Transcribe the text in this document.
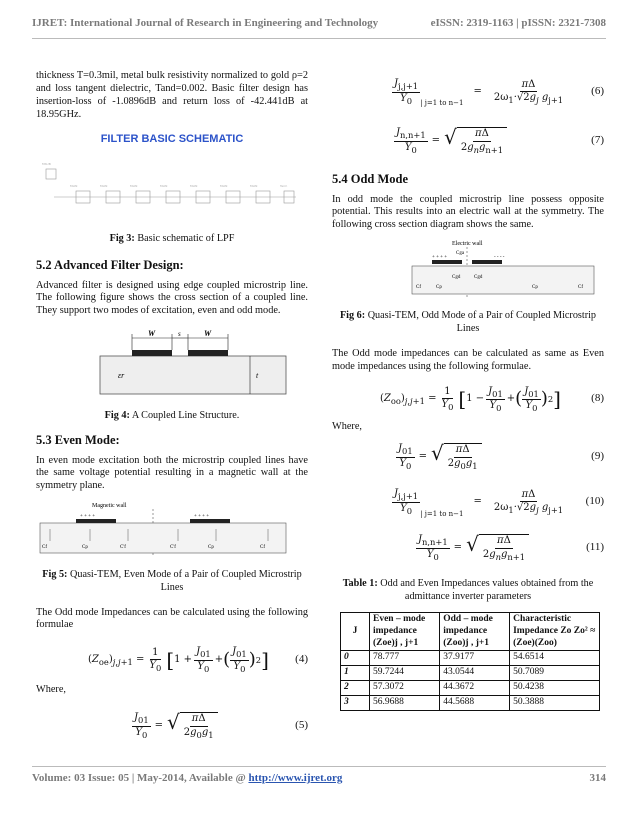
IJRET: International Journal of Research in Engineering and Technology	eISSN: 2319-1163 | pISSN: 2321-7308

thickness T=0.3mil, metal bulk resistivity normalized to gold ρ=2 and loss tangent dielectric, Tand=0.002. Basic filter design has insertion-loss of -1.0896dB and return loss of -42.441dB at 18.95GHz.

FILTER BASIC SCHEMATIC
MSUB
MLIN	MLIN	MLIN	MLIN	MLIN	MLIN	MLIN	Term
Fig 3: Basic schematic of LPF
5.2 Advanced Filter Design:

Advanced filter is designed using edge coupled microstrip line. The following figure shows the cross section of a coupled line. They support two modes of excitation, even and odd mode.

W	s	W
εr	t
Fig 4: A Coupled Line Structure.
5.3 Even Mode:

In even mode excitation both the microstrip coupled lines have the same voltage potential resulting in a magnetic wall at the symmetry plane.

Magnetic wall
+ + + +	+ + + +
Cf	Cp	C'f	C'f	Cp	Cf
Fig 5: Quasi-TEM, Even Mode of a Pair of Coupled Microstrip Lines

The Odd mode Impedances can be calculated using the following formulae

$(Z_{oe})_{j,j+1} = \frac{1}{Y_0}$ [ $1 + \frac{J_{01}}{Y_0}$ + ( $\frac{J_{01}}{Y_0}$ ) 2 ] (4)

Where,

$\frac{J_{01}}{Y_0}$ = √ $\frac{\pi\Delta}{2g_0g_1}$	(5)
$\frac{J_{j,j+1}}{Y_0}$ | j=1 to n−1
= $\frac{\pi\Delta}{2\omega_1\cdot√2g_j g_{j+1}} (6)$
$\frac{J_{n,n+1}}{Y_0}$ = √ $\frac{\pi\Delta}{2g_ng_{n+1}}$	(7)
5.4 Odd Mode

In odd mode the coupled microstrip line possess opposite potential. This results into an electric wall at the symmetry. The following cross section diagram shows the same.

Electric wall
+ + + +	- - - -
Cf	Cp
Cga
Cgd	Cgd
Cp	Cf
Fig 6: Quasi-TEM, Odd Mode of a Pair of Coupled Microstrip Lines

The Odd mode impedances can be calculated as same as Even mode impedances using the following formulae.

$(Z_{oo})_{j,j+1} = \frac{1}{Y_0}$ [ $1 - \frac{J_{01}}{Y_0}$ + ( $\frac{J_{01}}{Y_0}$ ) 2 ]	(8)

Where,

$\frac{J_{01}}{Y_0}$ = √ $\frac{\pi\Delta}{2g_0g_1}$	(9)
$\frac{J_{j,j+1}}{Y_0}$ | j=1 to n−1
= $\frac{\pi\Delta}{2\omega_1\cdot√2g_j g_{j+1}} (10)$
$\frac{J_{n,n+1}}{Y_0}$ = √ $\frac{\pi\Delta}{2g_ng_{n+1}}$	(11)
Table 1: Odd and Even Impedances values obtained from the admittance inverter parameters
J	Even – mode impedance (Zoe)j , j+1	Odd – mode impedance (Zoo)j , j+1	Characteristic Impedance Zo Zo² ≈ (Zoe)(Zoo)
0	78.777	37.9177	54.6514
1	59.7244	43.0544	50.7089
2	57.3072	44.3672	50.4238
3	56.9688	44.5688	50.3888
Volume: 03 Issue: 05 | May-2014, Available @ http://www.ijret.org	314
